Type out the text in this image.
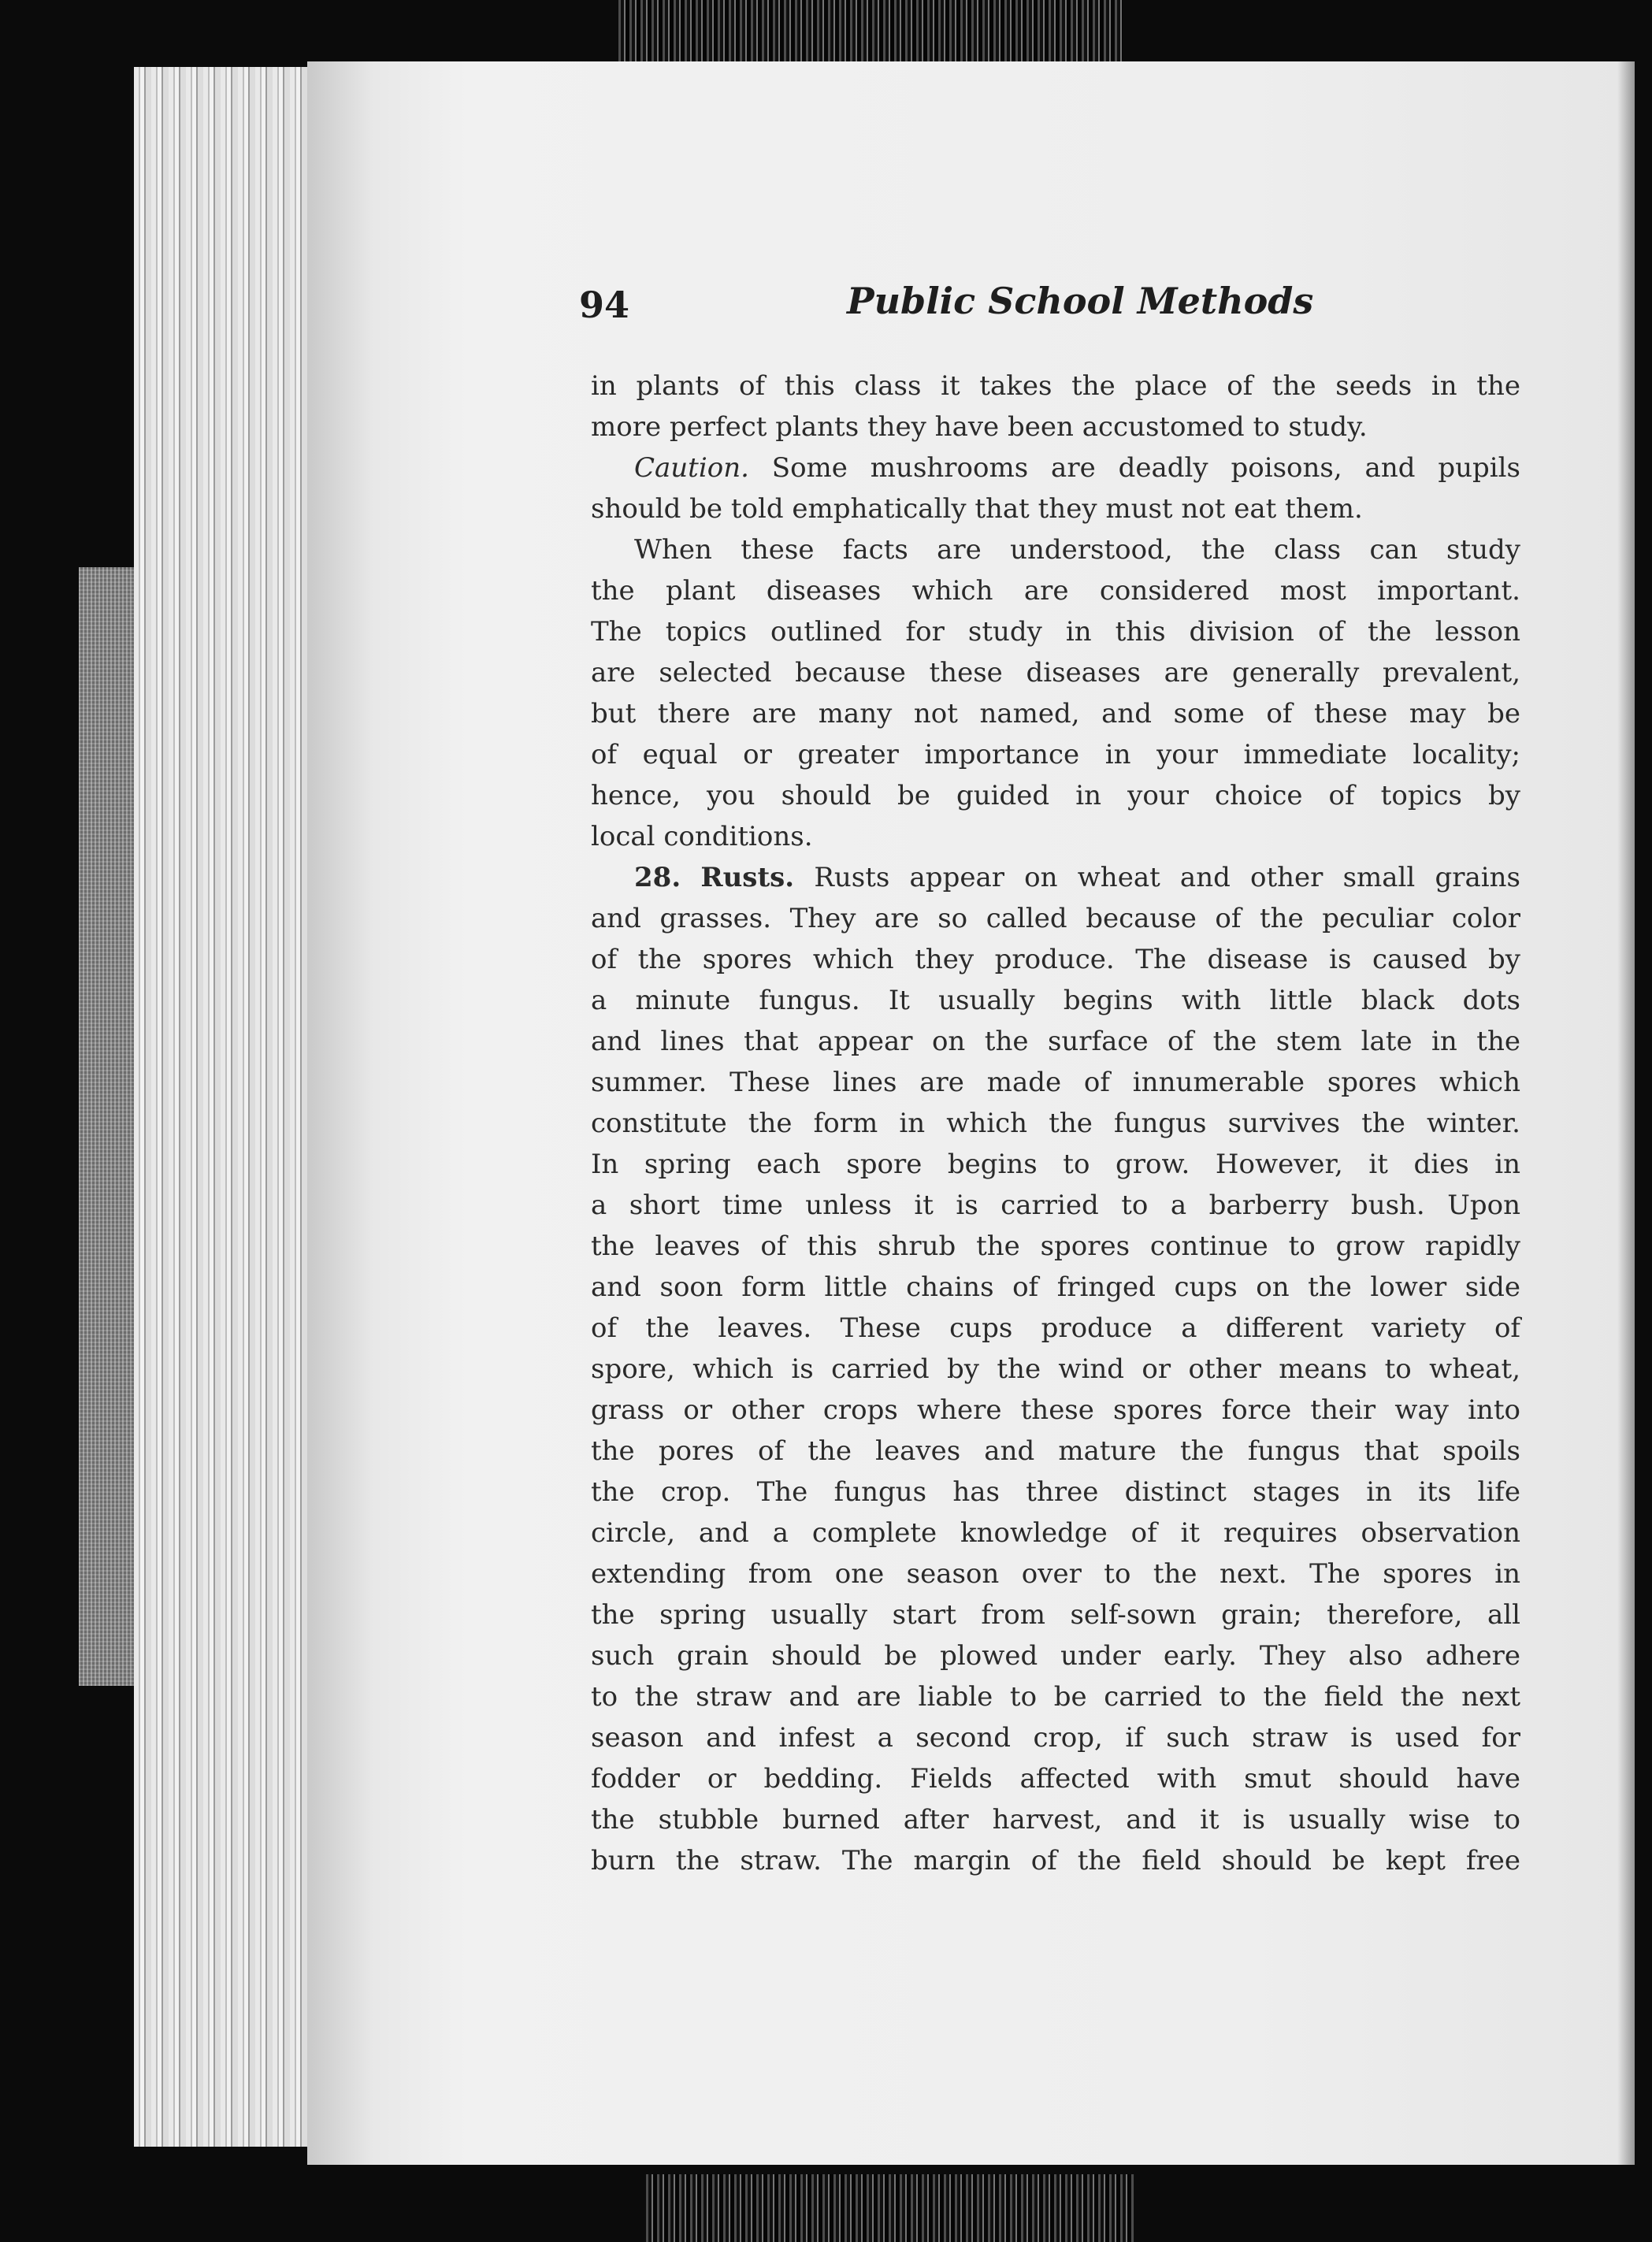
94	Public School Methods
in plants of this class it takes the place of the seeds in the
more perfect plants they have been accustomed to study.
Caution. Some mushrooms are deadly poisons, and pupils
should be told emphatically that they must not eat them.
When these facts are understood, the class can study
the plant diseases which are considered most important.
The topics outlined for study in this division of the lesson
are selected because these diseases are generally prevalent,
but there are many not named, and some of these may be
of equal or greater importance in your immediate locality;
hence, you should be guided in your choice of topics by
local conditions.
28. Rusts. Rusts appear on wheat and other small grains
and grasses. They are so called because of the peculiar color
of the spores which they produce. The disease is caused by
a minute fungus. It usually begins with little black dots
and lines that appear on the surface of the stem late in the
summer. These lines are made of innumerable spores which
constitute the form in which the fungus survives the winter.
In spring each spore begins to grow. However, it dies in
a short time unless it is carried to a barberry bush. Upon
the leaves of this shrub the spores continue to grow rapidly
and soon form little chains of fringed cups on the lower side
of the leaves. These cups produce a different variety of
spore, which is carried by the wind or other means to wheat,
grass or other crops where these spores force their way into
the pores of the leaves and mature the fungus that spoils
the crop. The fungus has three distinct stages in its life
circle, and a complete knowledge of it requires observation
extending from one season over to the next. The spores in
the spring usually start from self-sown grain; therefore, all
such grain should be plowed under early. They also adhere
to the straw and are liable to be carried to the field the next
season and infest a second crop, if such straw is used for
fodder or bedding. Fields affected with smut should have
the stubble burned after harvest, and it is usually wise to
burn the straw. The margin of the field should be kept free
